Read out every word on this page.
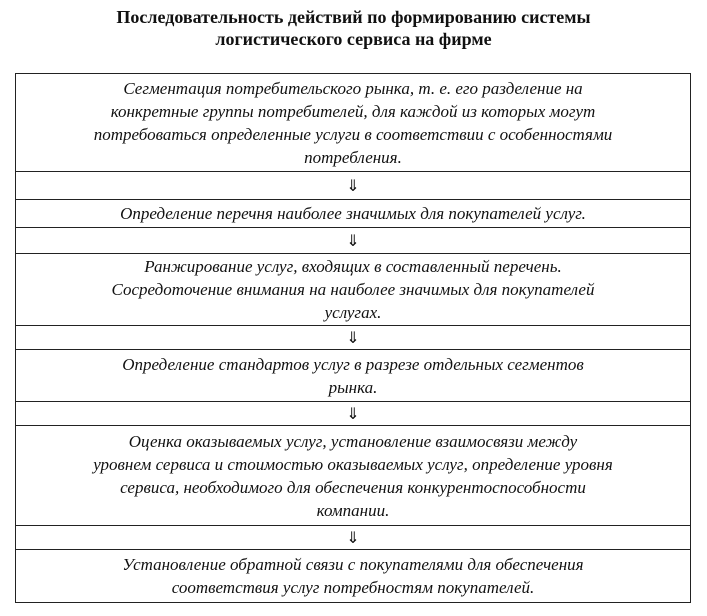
Последовательность действий по формированию системы
логистического сервиса на фирме
Сегментация потребительского рынка, т. е. его разделение на
конкретные группы потребителей, для каждой из которых могут
потребоваться определенные услуги в соответствии с особенностями
потребления.
⇓
Определение перечня наиболее значимых для покупателей услуг.
⇓
Ранжирование услуг, входящих в составленный перечень.
Сосредоточение внимания на наиболее значимых для покупателей
услугах.
⇓
Определение стандартов услуг в разрезе отдельных сегментов
рынка.
⇓
Оценка оказываемых услуг, установление взаимосвязи между
уровнем сервиса и стоимостью оказываемых услуг, определение уровня
сервиса, необходимого для обеспечения конкурентоспособности
компании.
⇓
Установление обратной связи с покупателями для обеспечения
соответствия услуг потребностям покупателей.
